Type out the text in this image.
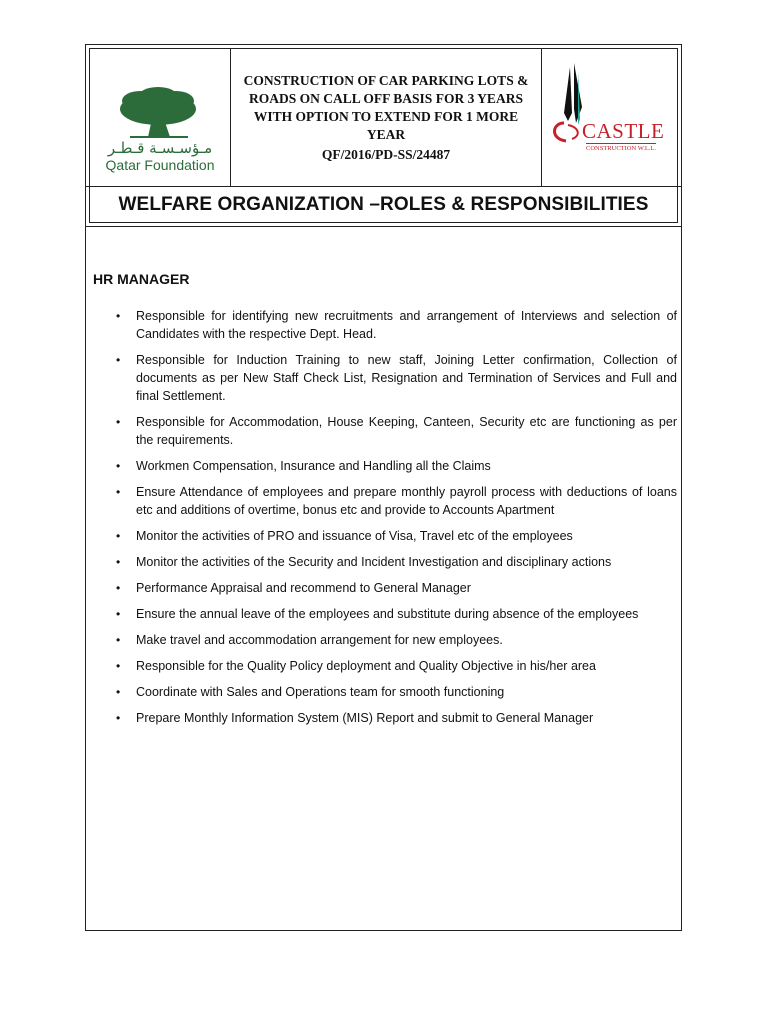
مـؤسـسـة قـطـر
Qatar Foundation
CONSTRUCTION OF CAR PARKING LOTS &
ROADS ON CALL OFF BASIS FOR 3 YEARS
WITH OPTION TO EXTEND FOR 1 MORE
YEAR
QF/2016/PD-SS/24487
CASTLE
CONSTRUCTION W.L.L.
WELFARE ORGANIZATION –ROLES & RESPONSIBILITIES
HR MANAGER
•	Responsible for identifying new recruitments and arrangement of Interviews and selection of Candidates with the respective Dept. Head.
•	Responsible for Induction Training to new staff, Joining Letter confirmation, Collection of documents as per New Staff Check List, Resignation and Termination of Services and Full and final Settlement.
•	Responsible for Accommodation, House Keeping, Canteen, Security etc are functioning as per the requirements.
•	Workmen Compensation, Insurance and Handling all the Claims
•	Ensure Attendance of employees and prepare monthly payroll process with deductions of loans etc and additions of overtime, bonus etc and provide to Accounts Apartment
•	Monitor the activities of PRO and issuance of Visa, Travel etc of the employees
•	Monitor the activities of the Security and Incident Investigation and disciplinary actions
•	Performance Appraisal and recommend to General Manager
•	Ensure the annual leave of the employees and substitute during absence of the employees
•	Make travel and accommodation arrangement for new employees.
•	Responsible for the Quality Policy deployment and Quality Objective in his/her area
•	Coordinate with Sales and Operations team for smooth functioning
•	Prepare Monthly Information System (MIS) Report and submit to General Manager
